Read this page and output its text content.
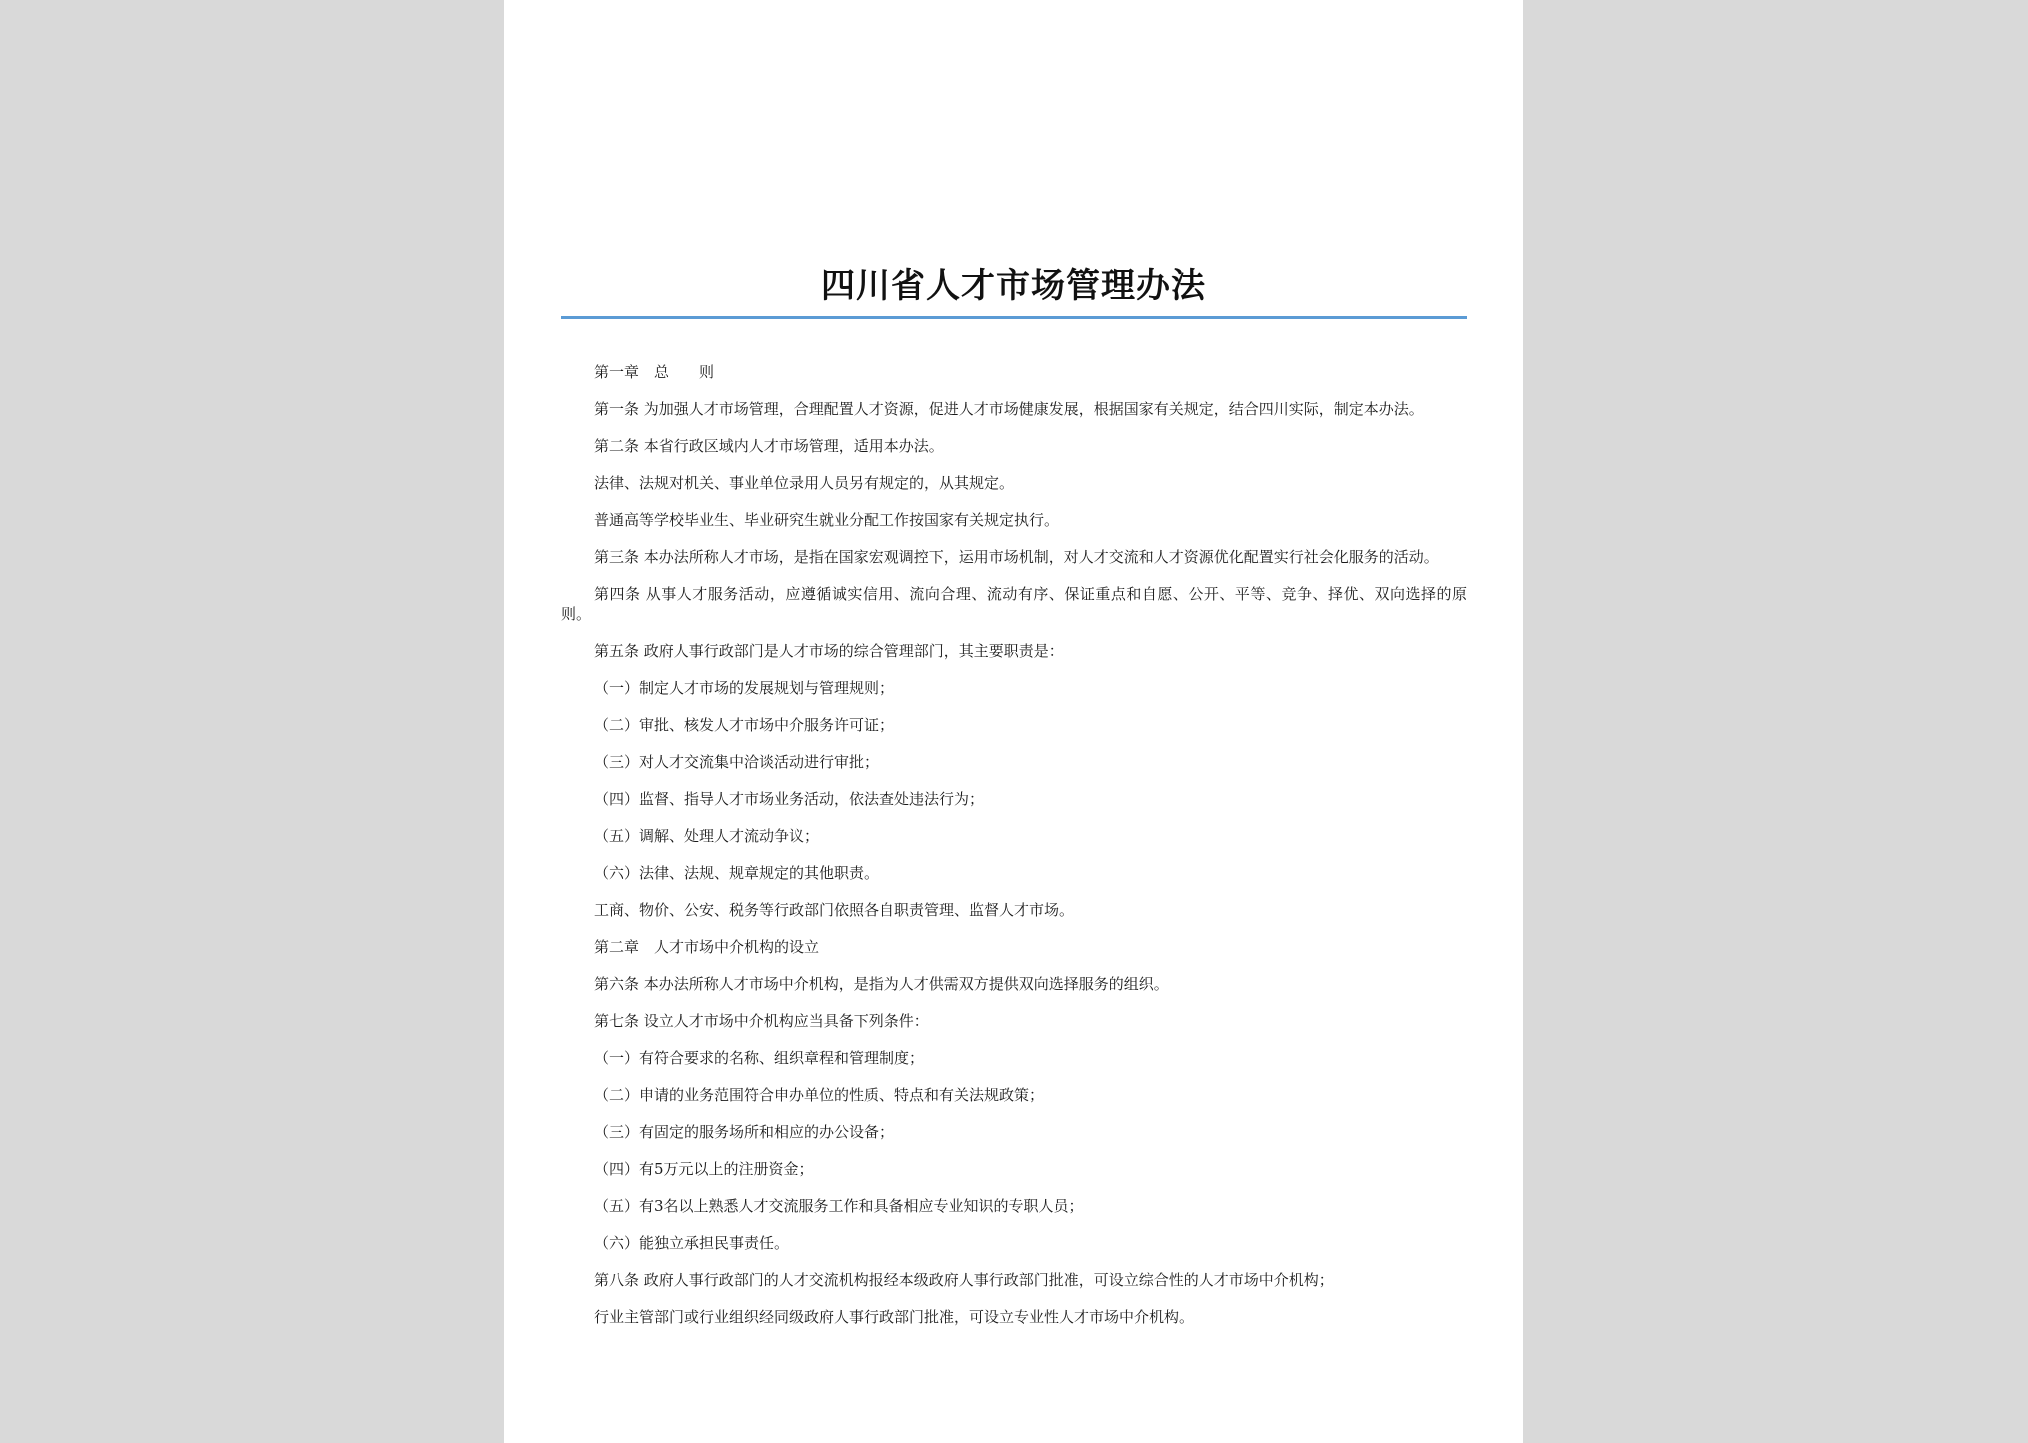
四川省人才市场管理办法

第一章　总　　则

第一条 为加强人才市场管理，合理配置人才资源，促进人才市场健康发展，根据国家有关规定，结合四川实际，制定本办法。

第二条 本省行政区域内人才市场管理，适用本办法。

法律、法规对机关、事业单位录用人员另有规定的，从其规定。

普通高等学校毕业生、毕业研究生就业分配工作按国家有关规定执行。

第三条 本办法所称人才市场，是指在国家宏观调控下，运用市场机制，对人才交流和人才资源优化配置实行社会化服务的活动。

第四条 从事人才服务活动，应遵循诚实信用、流向合理、流动有序、保证重点和自愿、公开、平等、竞争、择优、双向选择的原则。

第五条 政府人事行政部门是人才市场的综合管理部门，其主要职责是：

（一）制定人才市场的发展规划与管理规则；

（二）审批、核发人才市场中介服务许可证；

（三）对人才交流集中洽谈活动进行审批；

（四）监督、指导人才市场业务活动，依法查处违法行为；

（五）调解、处理人才流动争议；

（六）法律、法规、规章规定的其他职责。

工商、物价、公安、税务等行政部门依照各自职责管理、监督人才市场。

第二章　人才市场中介机构的设立

第六条 本办法所称人才市场中介机构，是指为人才供需双方提供双向选择服务的组织。

第七条 设立人才市场中介机构应当具备下列条件：

（一）有符合要求的名称、组织章程和管理制度；

（二）申请的业务范围符合申办单位的性质、特点和有关法规政策；

（三）有固定的服务场所和相应的办公设备；

（四）有5万元以上的注册资金；

（五）有3名以上熟悉人才交流服务工作和具备相应专业知识的专职人员；

（六）能独立承担民事责任。

第八条 政府人事行政部门的人才交流机构报经本级政府人事行政部门批准，可设立综合性的人才市场中介机构；

行业主管部门或行业组织经同级政府人事行政部门批准，可设立专业性人才市场中介机构。
